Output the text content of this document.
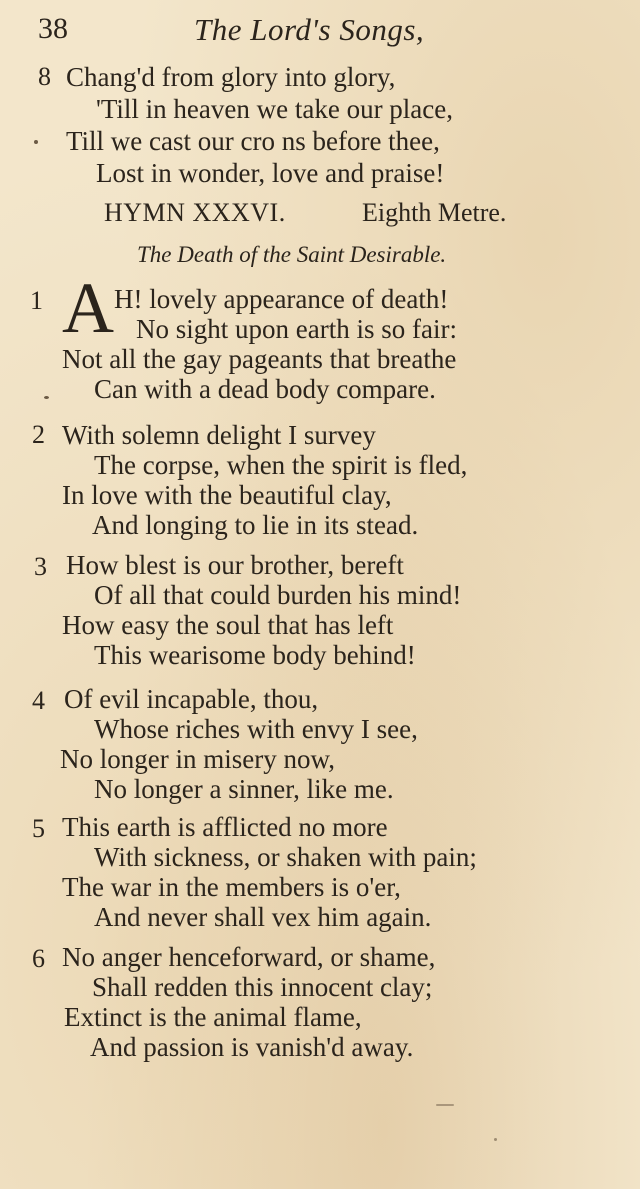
38	The Lord's Songs,
8 Chang'd from glory into glory,
'Till in heaven we take our place,
Till we cast our cro ns before thee,
Lost in wonder, love and praise!
HYMN XXXVI.	Eighth Metre.
The Death of the Saint Desirable.
1 A H! lovely appearance of death!
No sight upon earth is so fair:
Not all the gay pageants that breathe
Can with a dead body compare.
2 With solemn delight I survey
The corpse, when the spirit is fled,
In love with the beautiful clay,
And longing to lie in its stead.
3 How blest is our brother, bereft
Of all that could burden his mind!
How easy the soul that has left
This wearisome body behind!
4 Of evil incapable, thou,
Whose riches with envy I see,
No longer in misery now,
No longer a sinner, like me.
5 This earth is afflicted no more
With sickness, or shaken with pain;
The war in the members is o'er,
And never shall vex him again.
6 No anger henceforward, or shame,
Shall redden this innocent clay;
Extinct is the animal flame,
And passion is vanish'd away.
